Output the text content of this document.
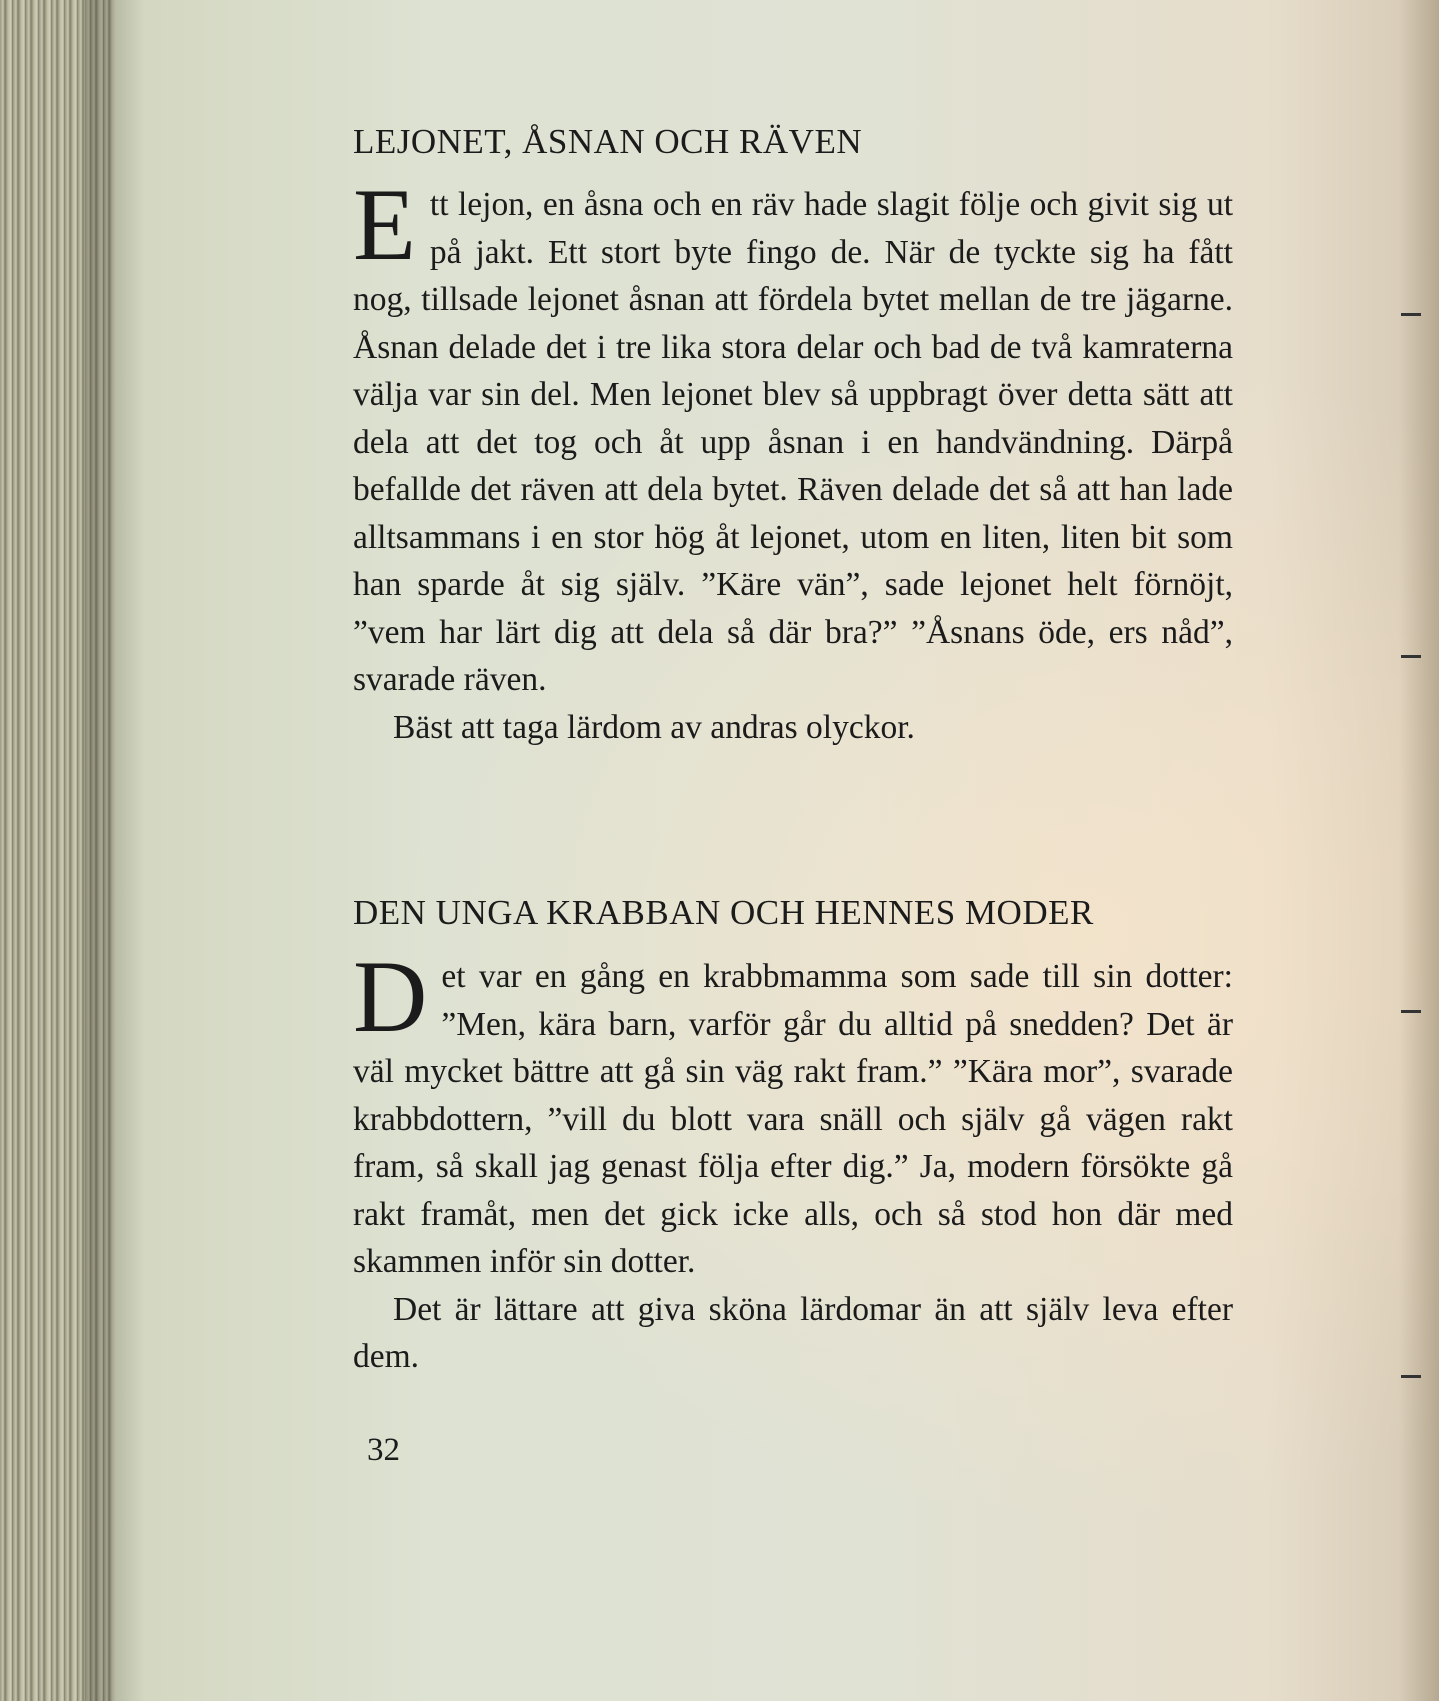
LEJONET, ÅSNAN OCH RÄVEN

Ett lejon, en åsna och en räv hade slagit följe och givit sig ut på jakt. Ett stort byte fingo de. När de tyckte sig ha fått nog, tillsade lejonet åsnan att fördela bytet mellan de tre jägarne. Åsnan delade det i tre lika stora delar och bad de två kamraterna välja var sin del. Men lejonet blev så uppbragt över detta sätt att dela att det tog och åt upp åsnan i en handvändning. Därpå befallde det räven att dela bytet. Räven delade det så att han lade alltsammans i en stor hög åt lejonet, utom en liten, liten bit som han sparde åt sig själv. ”Käre vän”, sade lejonet helt förnöjt, ”vem har lärt dig att dela så där bra?” ”Åsnans öde, ers nåd”, svarade räven.

Bäst att taga lärdom av andras olyckor.

DEN UNGA KRABBAN OCH HENNES MODER

Det var en gång en krabbmamma som sade till sin dotter: ”Men, kära barn, varför går du alltid på snedden? Det är väl mycket bättre att gå sin väg rakt fram.” ”Kära mor”, svarade krabbdottern, ”vill du blott vara snäll och själv gå vägen rakt fram, så skall jag genast följa efter dig.” Ja, modern försökte gå rakt framåt, men det gick icke alls, och så stod hon där med skammen inför sin dotter.

Det är lättare att giva sköna lärdomar än att själv leva efter dem.

32
